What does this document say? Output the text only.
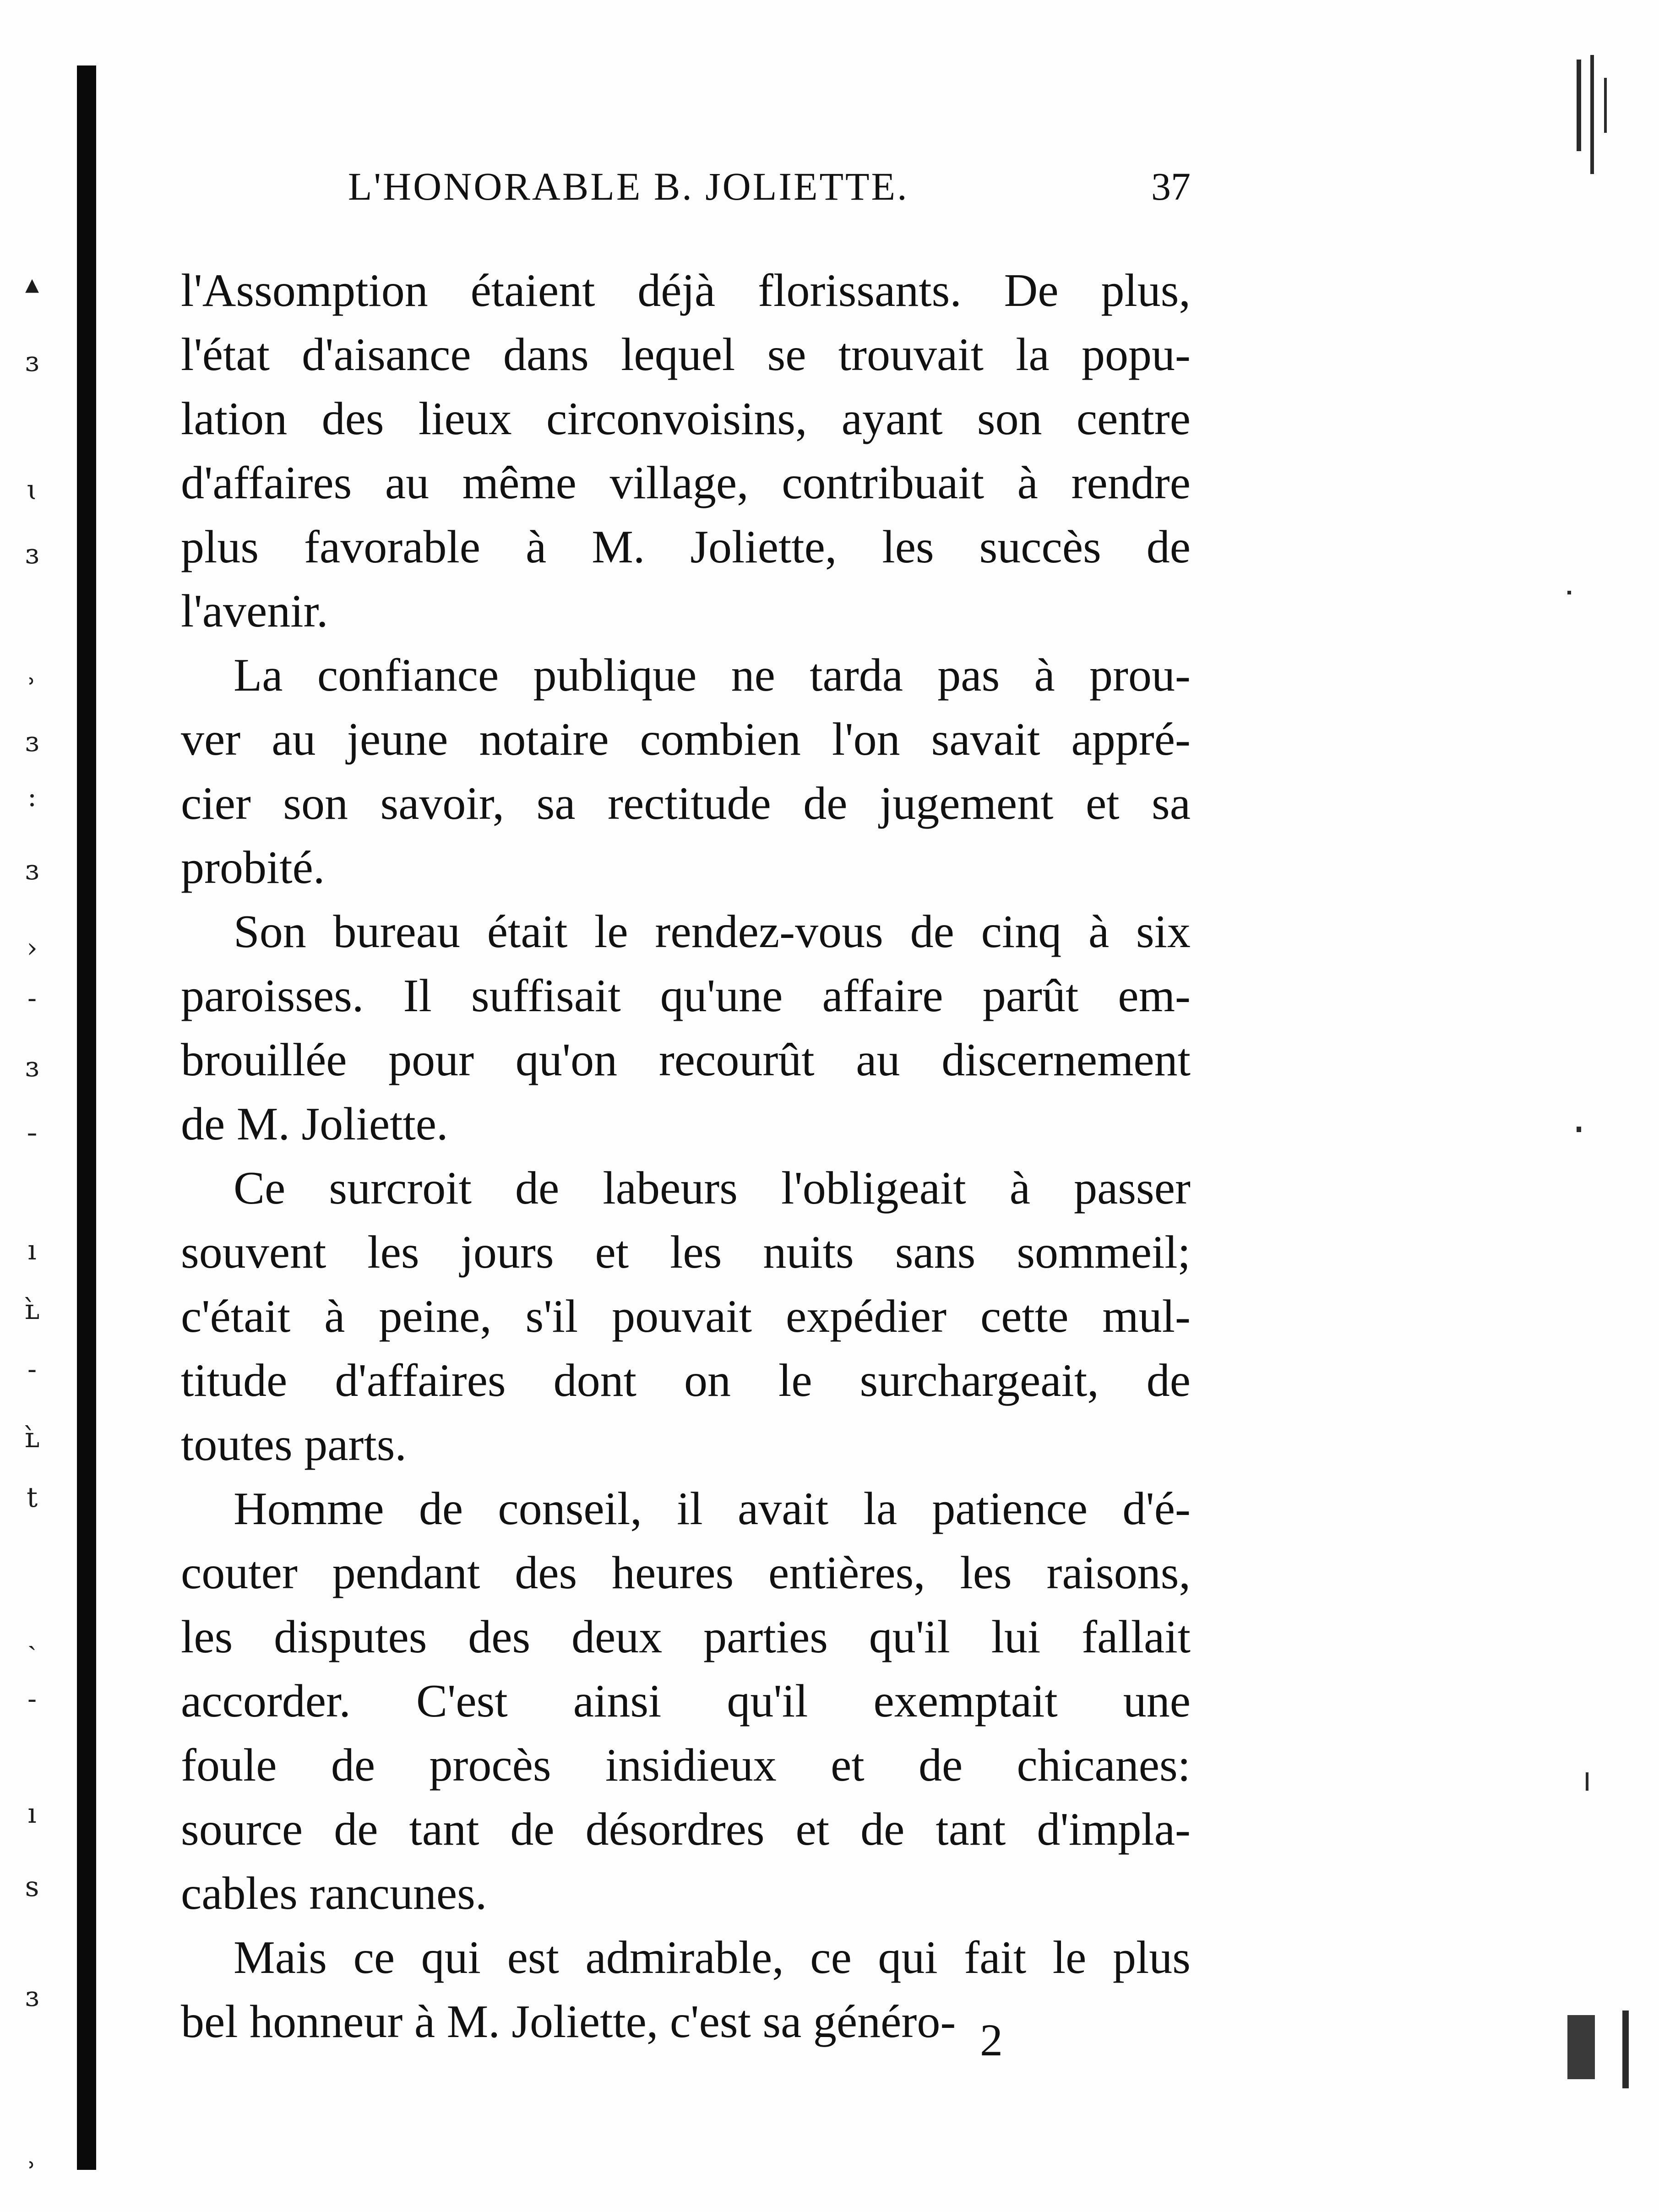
▴
ɜ
ɩ
ɜ
˒
ɜ
:
ɜ
›
-
ɜ
ˍ
ı
ʟ̀
-
ʟ̀
t
ˏ
-
ı
s
ɜ
˒
L'HONORABLE B. JOLIETTE.	37
l'Assomption étaient déjà florissants. De plus,
l'état d'aisance dans lequel se trouvait la popu-
lation des lieux circonvoisins, ayant son centre
d'affaires au même village, contribuait à rendre
plus favorable à M. Joliette, les succès de
l'avenir.
La confiance publique ne tarda pas à prou-
ver au jeune notaire combien l'on savait appré-
cier son savoir, sa rectitude de jugement et sa
probité.
Son bureau était le rendez-vous de cinq à six
paroisses. Il suffisait qu'une affaire parût em-
brouillée pour qu'on recourût au discernement
de M. Joliette.
Ce surcroit de labeurs l'obligeait à passer
souvent les jours et les nuits sans sommeil;
c'était à peine, s'il pouvait expédier cette mul-
titude d'affaires dont on le surchargeait, de
toutes parts.
Homme de conseil, il avait la patience d'é-
couter pendant des heures entières, les raisons,
les disputes des deux parties qu'il lui fallait
accorder. C'est ainsi qu'il exemptait une
foule de procès insidieux et de chicanes:
source de tant de désordres et de tant d'impla-
cables rancunes.
Mais ce qui est admirable, ce qui fait le plus
bel honneur à M. Joliette, c'est sa généro- 2
